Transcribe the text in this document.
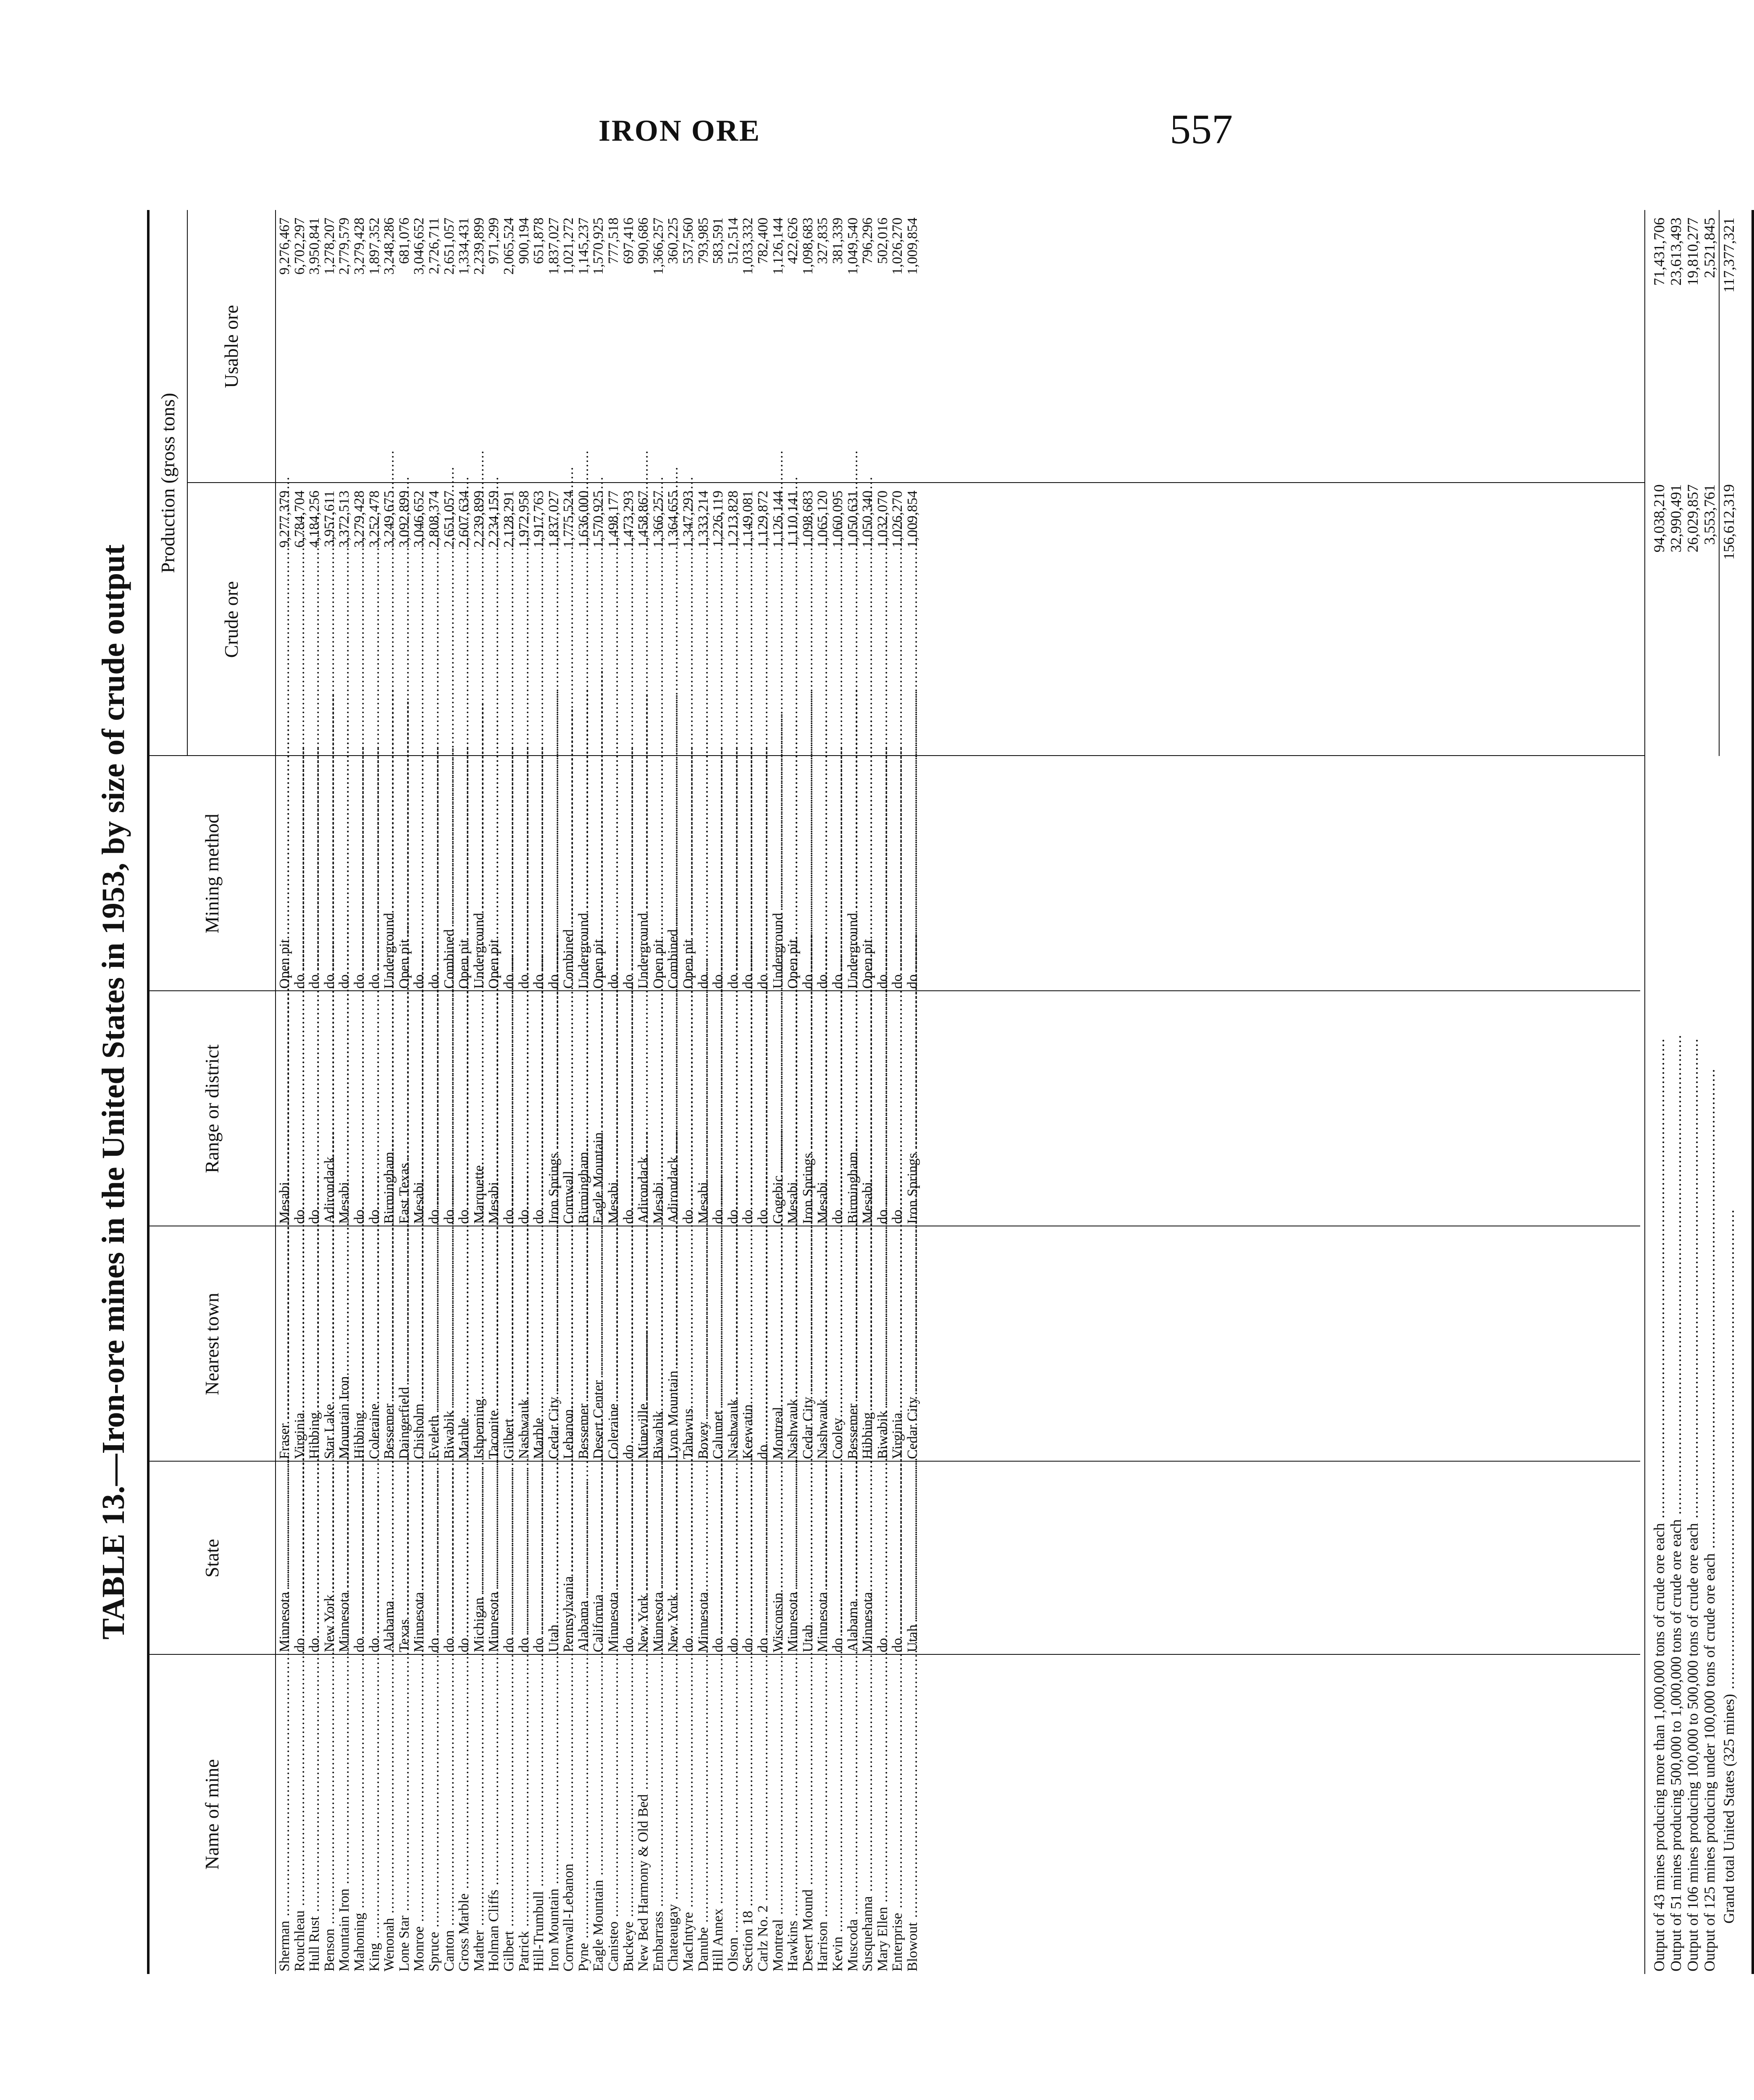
IRON ORE	557
TABLE 13.—Iron-ore mines in the United States in 1953, by size of crude output
Name of mine
State
Nearest town
Range or district
Mining method
Production (gross tons)
Crude ore
Usable ore
Sherman .....
Minnesota .....
Fraser .....
Mesabi .....
Open pit .....
9,277,379
9,276,467
Rouchleau .....
do .....
Virginia .....
do .....
do .....
6,784,704
6,702,297
Hull Rust .....
do .....
Hibbing .....
do .....
do .....
4,184,256
3,950,841
Benson .....
New York .....
Star Lake .....
Adirondack .....
do .....
3,957,611
1,278,207
Mountain Iron .....
Minnesota .....
Mountain Iron .....
Mesabi .....
do .....
3,372,513
2,779,579
Mahoning .....
do .....
Hibbing .....
do .....
do .....
3,279,428
3,279,428
King .....
do .....
Coleraine .....
do .....
do .....
3,252,478
1,897,352
Wenonah .....
Alabama .....
Bessemer .....
Birmingham .....
Underground .....
3,249,675
3,248,286
Lone Star .....
Texas .....
Daingerfield .....
East Texas .....
Open pit .....
3,092,899
681,076
Monroe .....
Minnesota .....
Chisholm .....
Mesabi .....
do .....
3,046,652
3,046,652
Spruce .....
do .....
Eveleth .....
do .....
do .....
2,808,374
2,726,711
Canton .....
do .....
Biwabik .....
do .....
Combined .....
2,651,057
2,651,057
Gross Marble .....
do .....
Marble .....
do .....
Open pit .....
2,607,634
1,334,431
Mather .....
Michigan .....
Ishpeming .....
Marquette .....
Underground .....
2,239,899
2,239,899
Holman Cliffs .....
Minnesota .....
Taconite .....
Mesabi .....
Open pit .....
2,234,159
971,299
Gilbert .....
do .....
Gilbert .....
do .....
do .....
2,128,291
2,065,524
Patrick .....
do .....
Nashwauk .....
do .....
do .....
1,972,958
900,194
Hill-Trumbull .....
do .....
Marble .....
do .....
do .....
1,917,763
651,878
Iron Mountain .....
Utah .....
Cedar City .....
Iron Springs .....
do .....
1,837,027
1,837,027
Cornwall-Lebanon .....
Pennsylvania .....
Lebanon .....
Cornwall .....
Combined .....
1,775,524
1,021,272
Pyne .....
Alabama .....
Bessemer .....
Birmingham .....
Underground .....
1,636,000
1,145,237
Eagle Mountain .....
California .....
Desert Center .....
Eagle Mountain .....
Open pit .....
1,570,925
1,570,925
Canisteo .....
Minnesota .....
Coleraine .....
Mesabi .....
do .....
1,498,177
777,518
Buckeye .....
do .....
do .....
do .....
do .....
1,473,293
697,416
New Bed Harmony & Old Bed .....
New York .....
Mineville .....
Adirondack .....
Underground .....
1,458,867
990,686
Embarrass .....
Minnesota .....
Biwabik .....
Mesabi .....
Open pit .....
1,366,257
1,366,257
Chateaugay .....
New York .....
Lyon Mountain .....
Adirondack .....
Combined .....
1,364,655
360,225
MacIntyre .....
do .....
Tahawus .....
do .....
Open pit .....
1,347,293
537,560
Danube .....
Minnesota .....
Bovey .....
Mesabi .....
do .....
1,333,214
793,985
Hill Annex .....
do .....
Calumet .....
do .....
do .....
1,226,119
583,591
Olson .....
do .....
Nashwauk .....
do .....
do .....
1,213,828
512,514
Section 18 .....
do .....
Keewatin .....
do .....
do .....
1,149,081
1,033,332
Carlz No. 2 .....
do .....
do .....
do .....
do .....
1,129,872
782,400
Montreal .....
Wisconsin .....
Montreal .....
Gogebic .....
Underground .....
1,126,144
1,126,144
Hawkins .....
Minnesota .....
Nashwauk .....
Mesabi .....
Open pit .....
1,110,141
422,626
Desert Mound .....
Utah .....
Cedar City .....
Iron Springs .....
do .....
1,098,683
1,098,683
Harrison .....
Minnesota .....
Nashwauk .....
Mesabi .....
do .....
1,065,120
327,835
Kevin .....
do .....
Cooley .....
do .....
do .....
1,060,095
381,339
Muscoda .....
Alabama .....
Bessemer .....
Birmingham .....
Underground .....
1,050,631
1,049,540
Susquehanna .....
Minnesota .....
Hibbing .....
Mesabi .....
Open pit .....
1,050,340
796,296
Mary Ellen .....
do .....
Biwabik .....
do .....
do .....
1,032,070
502,016
Enterprise .....
do .....
Virginia .....
do .....
do .....
1,026,270
1,026,270
Blowout .....
Utah .....
Cedar City .....
Iron Springs .....
do .....
1,009,854
1,009,854
Output of 43 mines producing more than 1,000,000 tons of crude ore each .....
94,038,210
71,431,706
Output of 51 mines producing 500,000 to 1,000,000 tons of crude ore each .....
32,990,491
23,613,493
Output of 106 mines producing 100,000 to 500,000 tons of crude ore each .....
26,029,857
19,810,277
Output of 125 mines producing under 100,000 tons of crude ore each .....
3,553,761
2,521,845
Grand total United States (325 mines) .....
156,612,319
117,377,321
